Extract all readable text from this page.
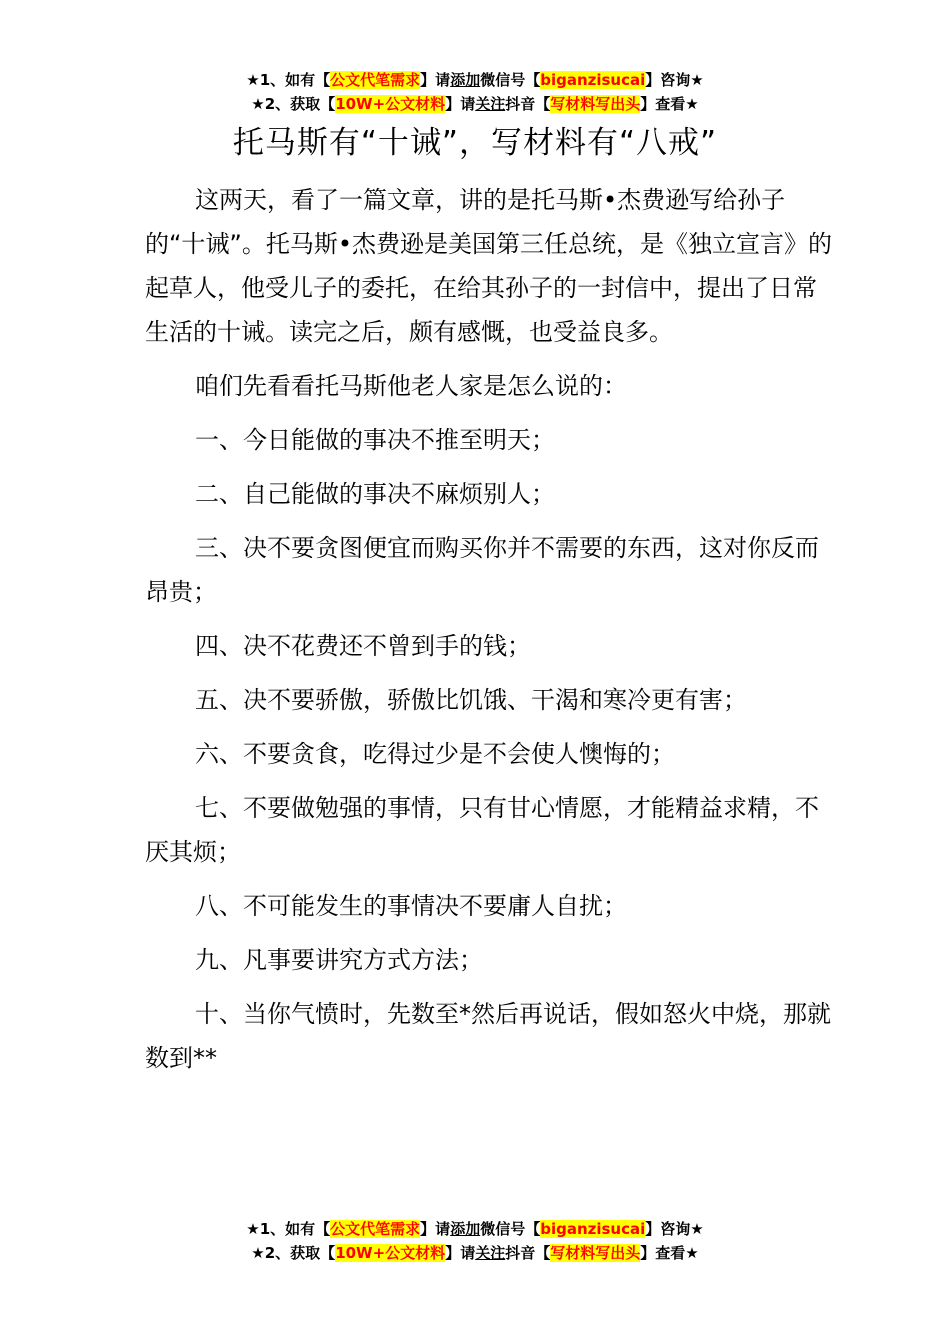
★1、如有【公文代笔需求】请添加微信号【biganzisucai】咨询★
★2、获取【10W+公文材料】请关注抖音【写材料写出头】查看★
托马斯有“十诫”，写材料有“八戒”

这两天，看了一篇文章，讲的是托马斯•杰费逊写给孙子的“十诫”。托马斯•杰费逊是美国第三任总统，是《独立宣言》的起草人，他受儿子的委托，在给其孙子的一封信中，提出了日常生活的十诫。读完之后，颇有感慨，也受益良多。

咱们先看看托马斯他老人家是怎么说的：

一、今日能做的事决不推至明天；

二、自己能做的事决不麻烦别人；

三、决不要贪图便宜而购买你并不需要的东西，这对你反而昂贵；

四、决不花费还不曾到手的钱；

五、决不要骄傲，骄傲比饥饿、干渴和寒冷更有害；

六、不要贪食，吃得过少是不会使人懊悔的；

七、不要做勉强的事情，只有甘心情愿，才能精益求精，不厌其烦；

八、不可能发生的事情决不要庸人自扰；

九、凡事要讲究方式方法；

十、当你气愤时，先数至*然后再说话，假如怒火中烧，那就数到**

★1、如有【公文代笔需求】请添加微信号【biganzisucai】咨询★
★2、获取【10W+公文材料】请关注抖音【写材料写出头】查看★
